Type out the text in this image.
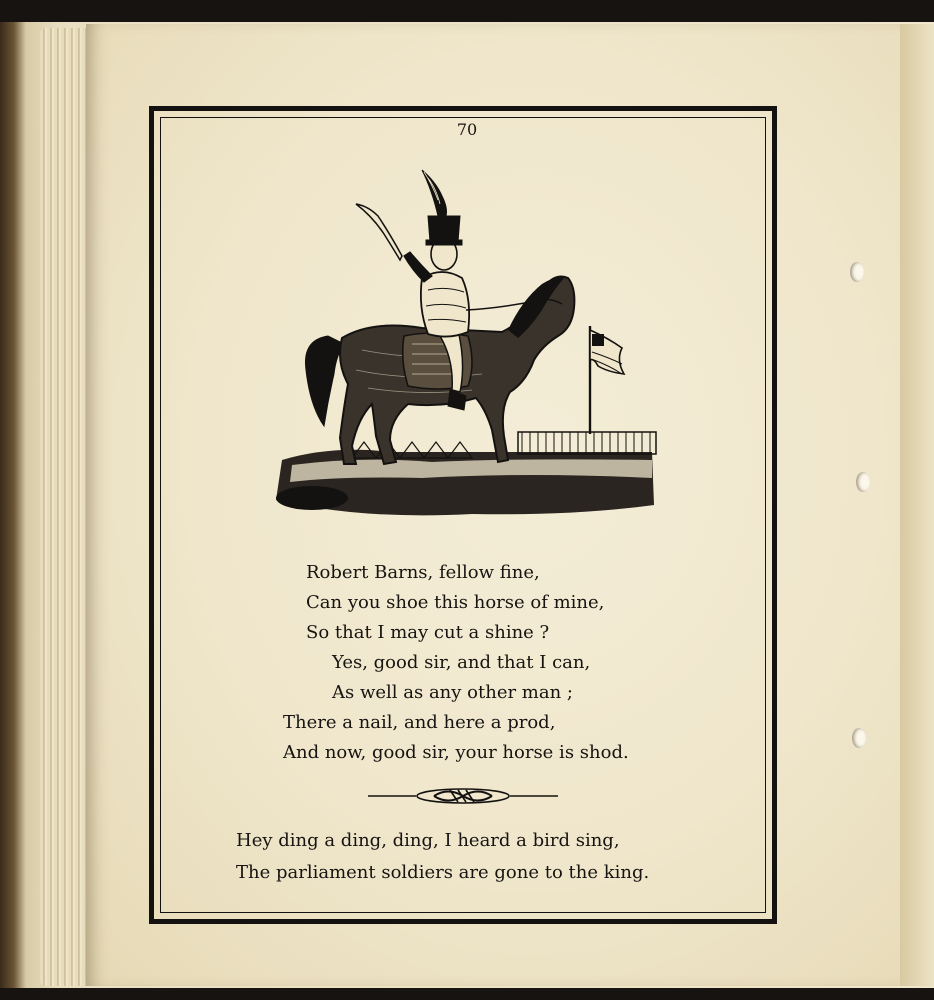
70
Robert Barns, fellow fine,
Can you shoe this horse of mine,
So that I may cut a shine ?
Yes, good sir, and that I can,
As well as any other man ;
There a nail, and here a prod,
And now, good sir, your horse is shod.
Hey ding a ding, ding, I heard a bird sing,
The parliament soldiers are gone to the king.
